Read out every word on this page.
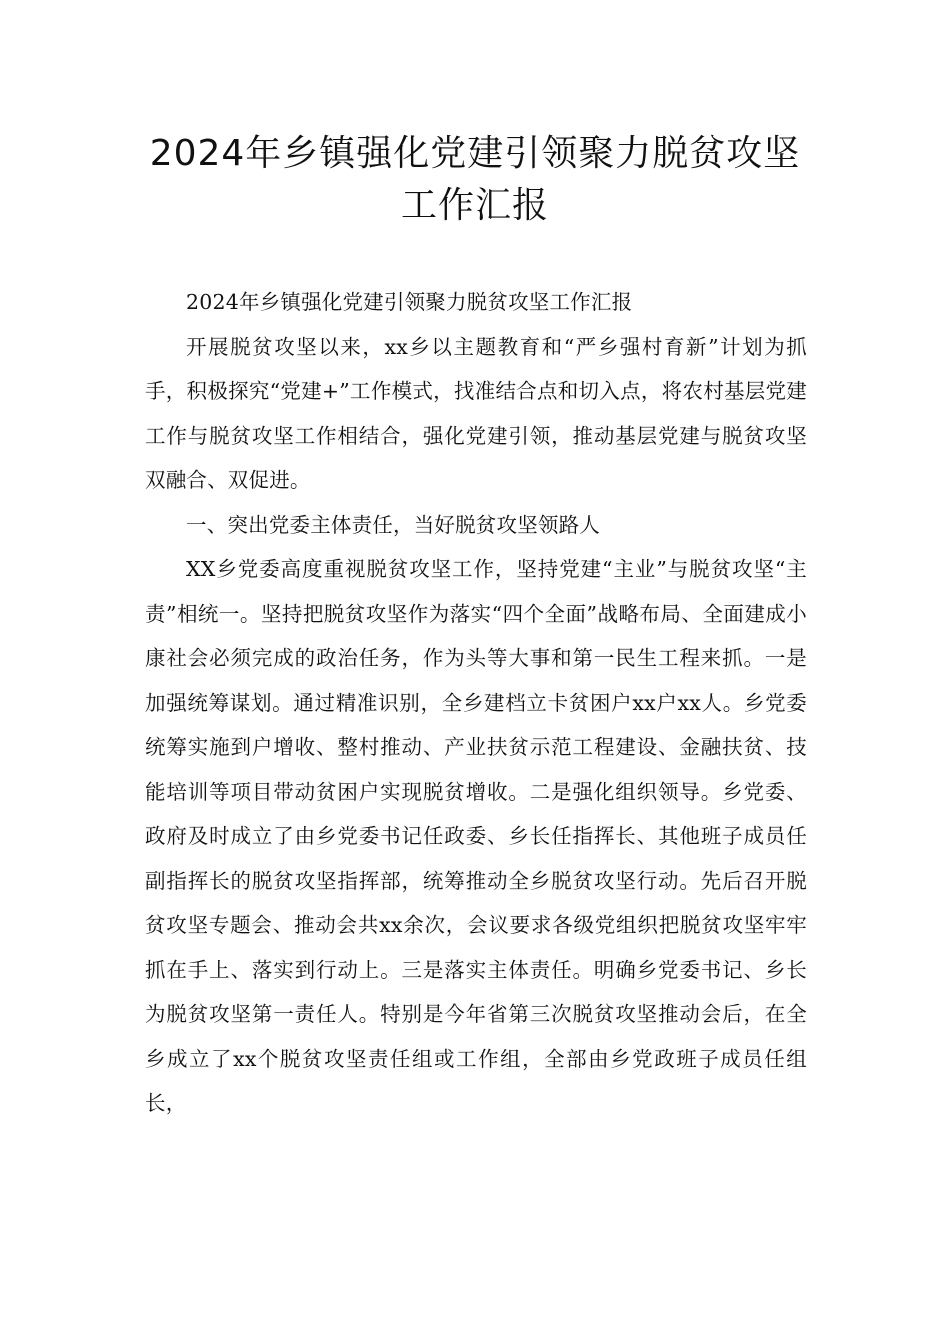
2024年乡镇强化党建引领聚力脱贫攻坚
工作汇报

2024年乡镇强化党建引领聚力脱贫攻坚工作汇报

开展脱贫攻坚以来，xx乡以主题教育和“严乡强村育新”计划为抓手，积极探究“党建+”工作模式，找准结合点和切入点，将农村基层党建工作与脱贫攻坚工作相结合，强化党建引领，推动基层党建与脱贫攻坚双融合、双促进。

一、突出党委主体责任，当好脱贫攻坚领路人

XX乡党委高度重视脱贫攻坚工作，坚持党建“主业”与脱贫攻坚“主责”相统一。坚持把脱贫攻坚作为落实“四个全面”战略布局、全面建成小康社会必须完成的政治任务，作为头等大事和第一民生工程来抓。一是加强统筹谋划。通过精准识别，全乡建档立卡贫困户xx户xx人。乡党委统筹实施到户增收、整村推动、产业扶贫示范工程建设、金融扶贫、技能培训等项目带动贫困户实现脱贫增收。二是强化组织领导。乡党委、政府及时成立了由乡党委书记任政委、乡长任指挥长、其他班子成员任副指挥长的脱贫攻坚指挥部，统筹推动全乡脱贫攻坚行动。先后召开脱贫攻坚专题会、推动会共xx余次，会议要求各级党组织把脱贫攻坚牢牢抓在手上、落实到行动上。三是落实主体责任。明确乡党委书记、乡长为脱贫攻坚第一责任人。特别是今年省第三次脱贫攻坚推动会后，在全乡成立了xx个脱贫攻坚责任组或工作组，全部由乡党政班子成员任组长，
